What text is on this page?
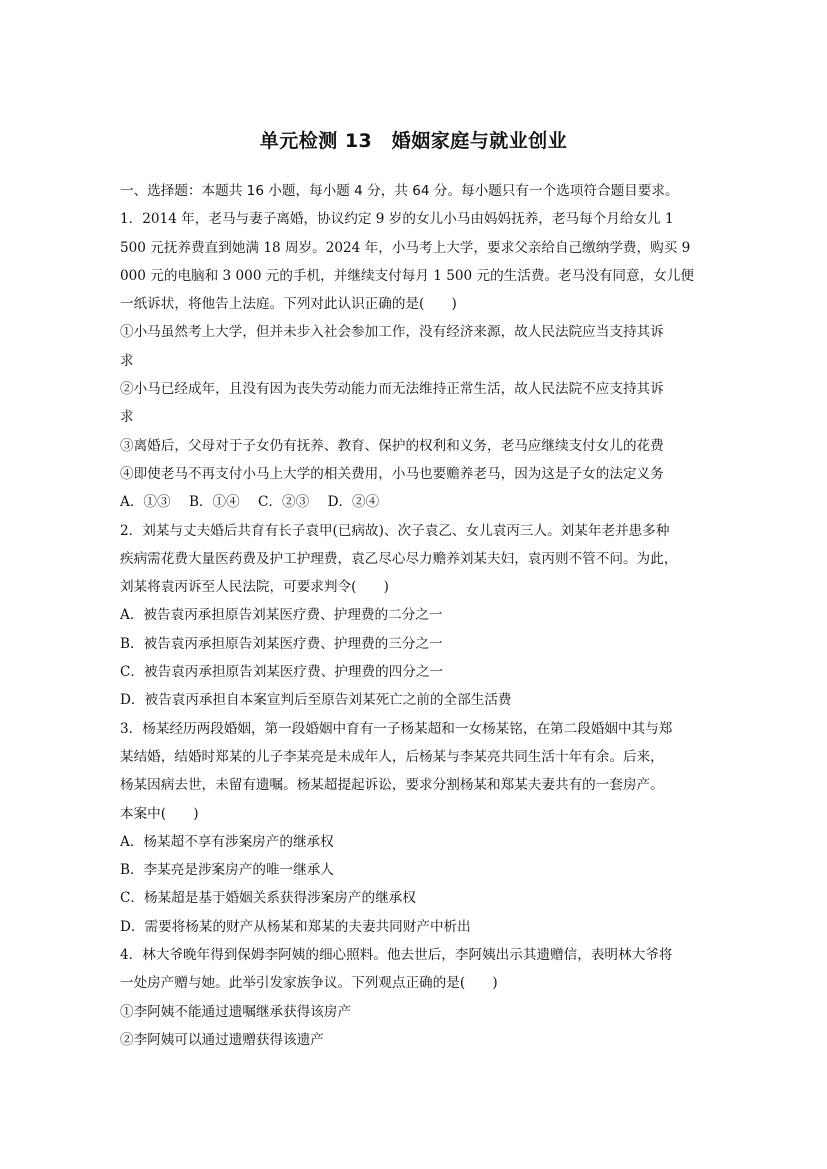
单元检测 13　婚姻家庭与就业创业
一、选择题：本题共 16 小题，每小题 4 分，共 64 分。每小题只有一个选项符合题目要求。
1．2014 年，老马与妻子离婚，协议约定 9 岁的女儿小马由妈妈抚养，老马每个月给女儿 1
500 元抚养费直到她满 18 周岁。2024 年，小马考上大学，要求父亲给自己缴纳学费，购买 9
000 元的电脑和 3 000 元的手机，并继续支付每月 1 500 元的生活费。老马没有同意，女儿便
一纸诉状，将他告上法庭。下列对此认识正确的是(　　)
①小马虽然考上大学，但并未步入社会参加工作，没有经济来源，故人民法院应当支持其诉
求
②小马已经成年，且没有因为丧失劳动能力而无法维持正常生活，故人民法院不应支持其诉
求
③离婚后，父母对于子女仍有抚养、教育、保护的权利和义务，老马应继续支付女儿的花费
④即使老马不再支付小马上大学的相关费用，小马也要赡养老马，因为这是子女的法定义务
A．①③ B．①④ C．②③ D．②④
2．刘某与丈夫婚后共育有长子袁甲(已病故)、次子袁乙、女儿袁丙三人。刘某年老并患多种
疾病需花费大量医药费及护工护理费，袁乙尽心尽力赡养刘某夫妇，袁丙则不管不问。为此，
刘某将袁丙诉至人民法院，可要求判令(　　)
A．被告袁丙承担原告刘某医疗费、护理费的二分之一
B．被告袁丙承担原告刘某医疗费、护理费的三分之一
C．被告袁丙承担原告刘某医疗费、护理费的四分之一
D．被告袁丙承担自本案宣判后至原告刘某死亡之前的全部生活费
3．杨某经历两段婚姻，第一段婚姻中育有一子杨某超和一女杨某铭，在第二段婚姻中其与郑
某结婚，结婚时郑某的儿子李某亮是未成年人，后杨某与李某亮共同生活十年有余。后来，
杨某因病去世，未留有遗嘱。杨某超提起诉讼，要求分割杨某和郑某夫妻共有的一套房产。
本案中(　　)
A．杨某超不享有涉案房产的继承权
B．李某亮是涉案房产的唯一继承人
C．杨某超是基于婚姻关系获得涉案房产的继承权
D．需要将杨某的财产从杨某和郑某的夫妻共同财产中析出
4．林大爷晚年得到保姆李阿姨的细心照料。他去世后，李阿姨出示其遗赠信，表明林大爷将
一处房产赠与她。此举引发家族争议。下列观点正确的是(　　)
①李阿姨不能通过遗嘱继承获得该房产
②李阿姨可以通过遗赠获得该遗产
